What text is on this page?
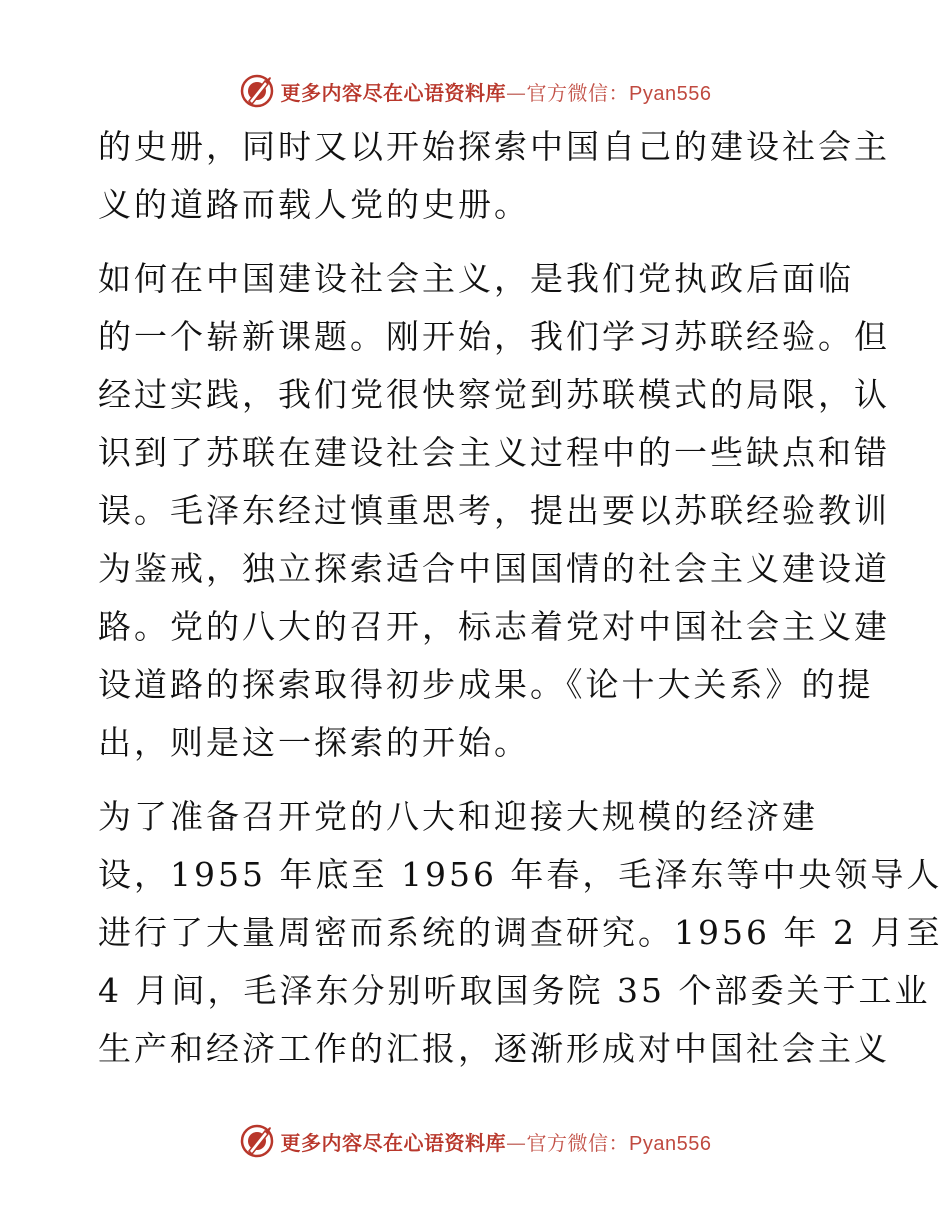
更多内容尽在心语资料库—官方微信：Pyan556

的史册，同时又以开始探索中国自己的建设社会主
义的道路而载人党的史册。

如何在中国建设社会主义，是我们党执政后面临
的一个崭新课题。刚开始，我们学习苏联经验。但
经过实践，我们党很快察觉到苏联模式的局限，认
识到了苏联在建设社会主义过程中的一些缺点和错
误。毛泽东经过慎重思考，提出要以苏联经验教训
为鉴戒，独立探索适合中国国情的社会主义建设道
路。党的八大的召开，标志着党对中国社会主义建
设道路的探索取得初步成果。《论十大关系》的提
出，则是这一探索的开始。

为了准备召开党的八大和迎接大规模的经济建
设，1955 年底至 1956 年春，毛泽东等中央领导人
进行了大量周密而系统的调查研究。1956 年 2 月至
4 月间，毛泽东分别听取国务院 35 个部委关于工业
生产和经济工作的汇报，逐渐形成对中国社会主义

更多内容尽在心语资料库—官方微信：Pyan556
